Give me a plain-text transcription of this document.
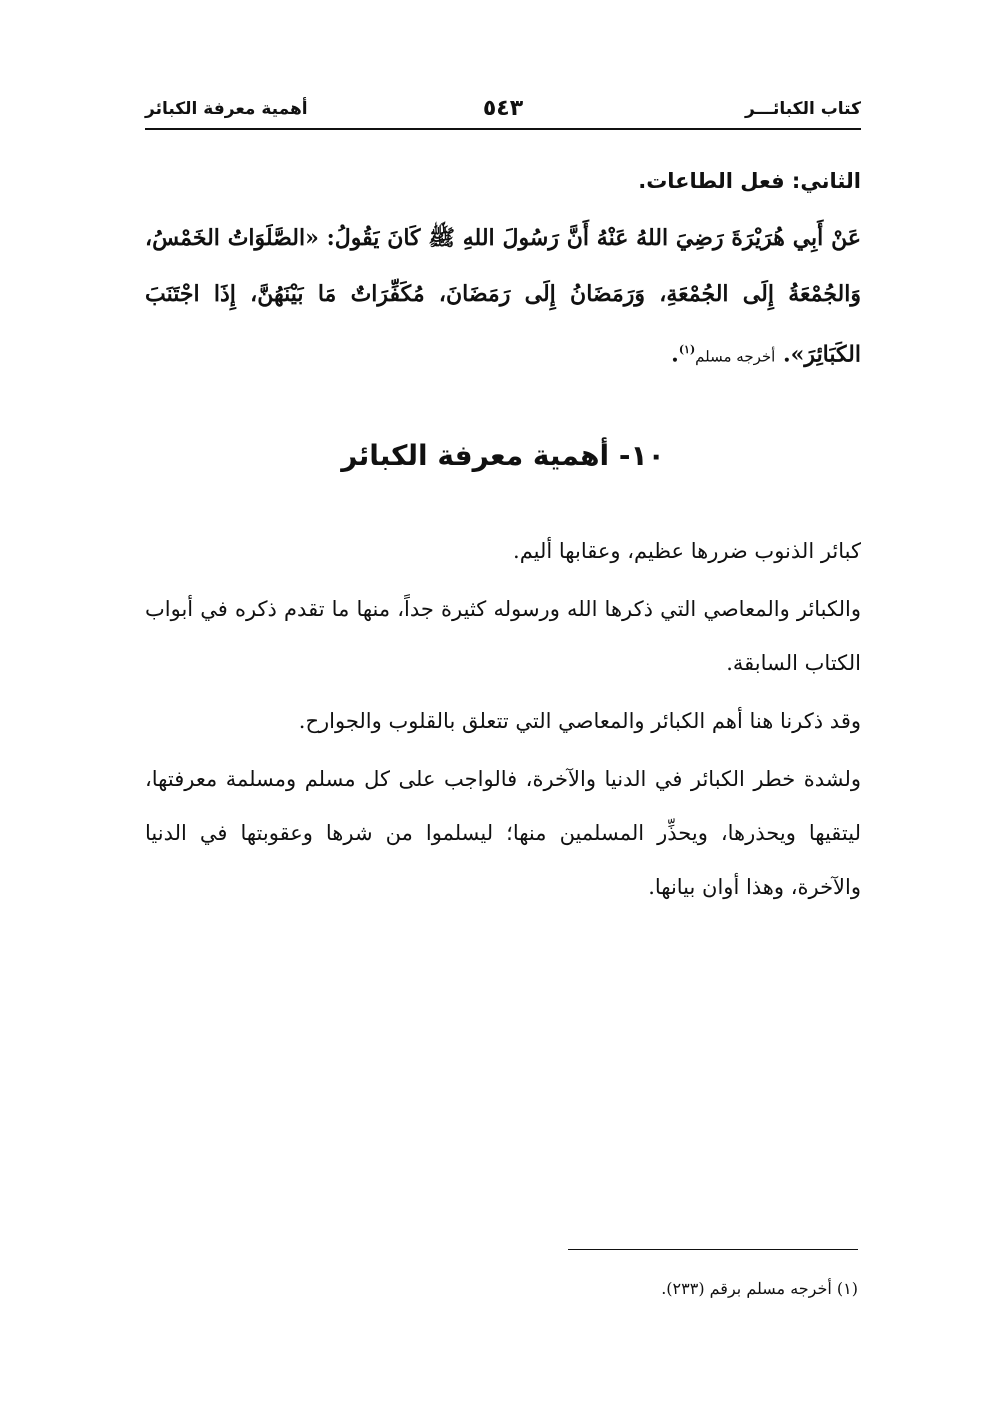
كتاب الكبائـــر
٥٤٣
أهمية معرفة الكبائر

الثاني: فعل الطاعات.

عَنْ أَبِي هُرَيْرَةَ رَضِيَ اللهُ عَنْهُ أَنَّ رَسُولَ اللهِ ﷺ كَانَ يَقُولُ: «الصَّلَوَاتُ الخَمْسُ، وَالجُمْعَةُ إِلَى الجُمْعَةِ، وَرَمَضَانُ إِلَى رَمَضَانَ، مُكَفِّرَاتٌ مَا بَيْنَهُنَّ، إِذَا اجْتَنَبَ الكَبَائِرَ». أخرجه مسلم$^{(١)}$.

١٠- أهمية معرفة الكبائر

كبائر الذنوب ضررها عظيم، وعقابها أليم.

والكبائر والمعاصي التي ذكرها الله ورسوله كثيرة جداً، منها ما تقدم ذكره في أبواب الكتاب السابقة.

وقد ذكرنا هنا أهم الكبائر والمعاصي التي تتعلق بالقلوب والجوارح.

ولشدة خطر الكبائر في الدنيا والآخرة، فالواجب على كل مسلم ومسلمة معرفتها، ليتقيها ويحذرها، ويحذِّر المسلمين منها؛ ليسلموا من شرها وعقوبتها في الدنيا والآخرة، وهذا أوان بيانها.

(١) أخرجه مسلم برقم (٢٣٣).
